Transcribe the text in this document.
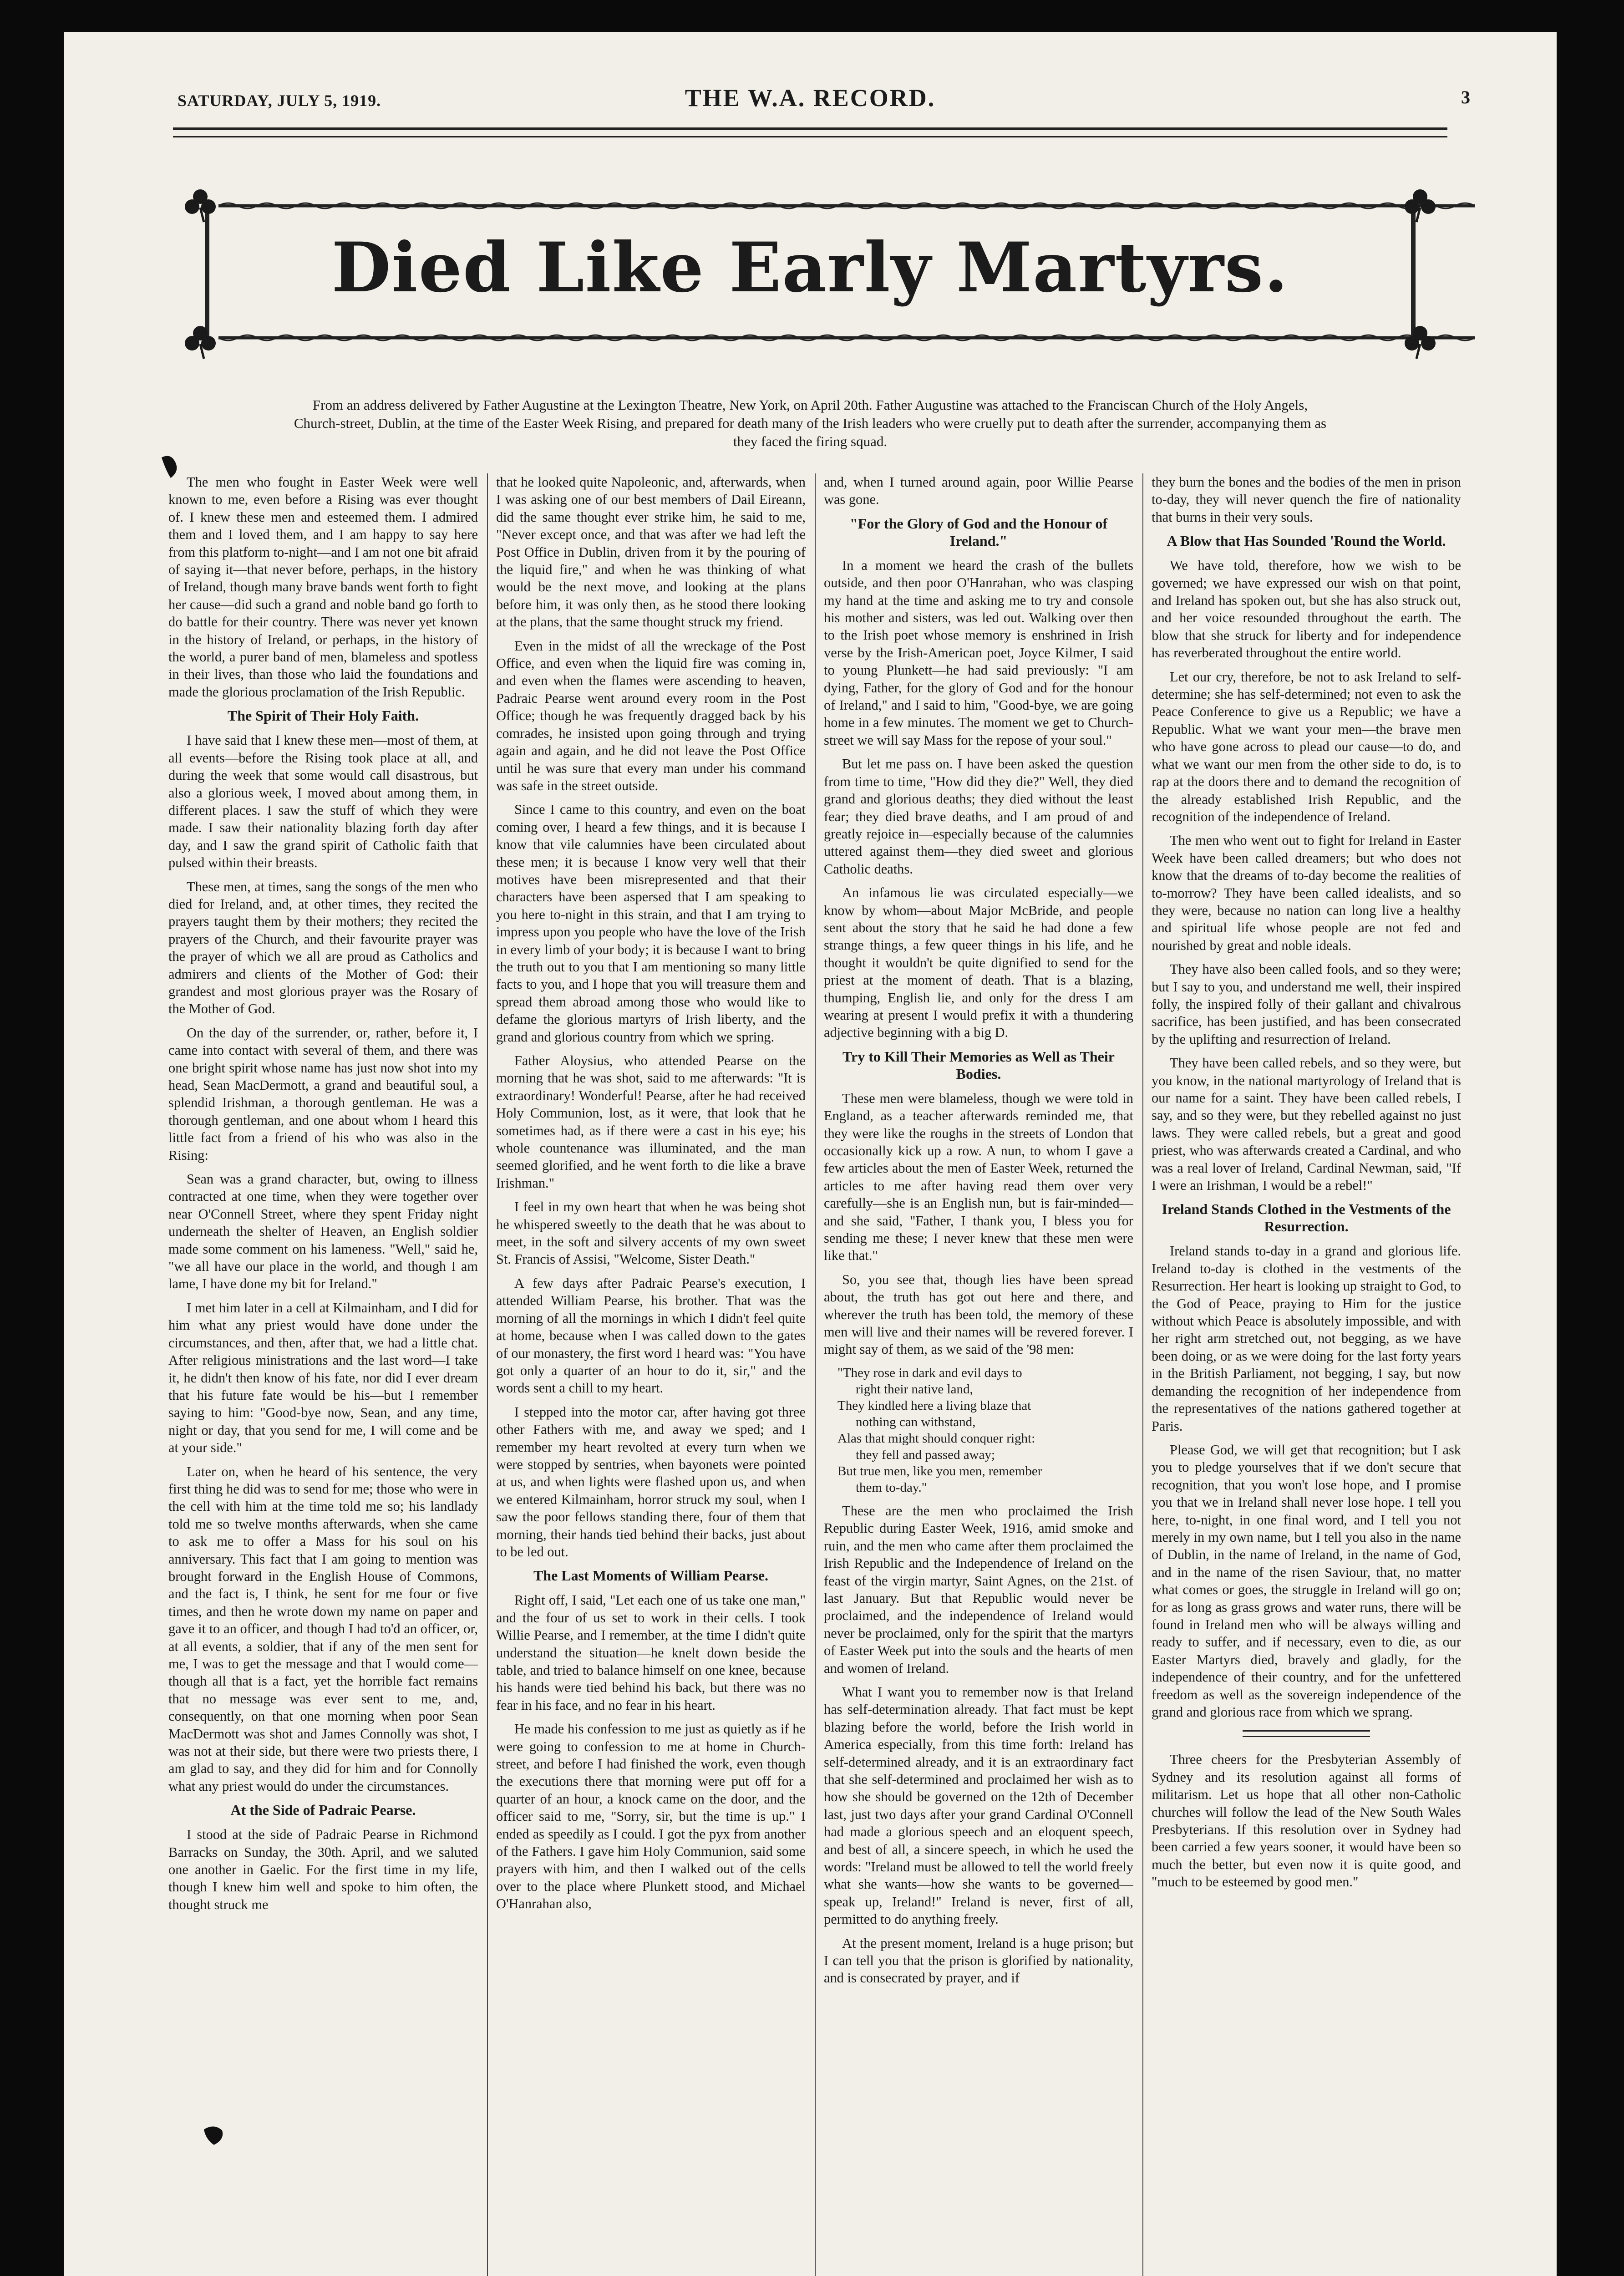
SATURDAY, JULY 5, 1919.	THE W.A. RECORD.	3
Died Like Early Martyrs.
From an address delivered by Father Augustine at the Lexington Theatre, New York, on April 20th. Father Augustine was attached to the Franciscan Church of the Holy Angels, Church-street, Dublin, at the time of the Easter Week Rising, and prepared for death many of the Irish leaders who were cruelly put to death after the surrender, accompanying them as they faced the firing squad.

The men who fought in Easter Week were well known to me, even before a Rising was ever thought of. I knew these men and esteemed them. I admired them and I loved them, and I am happy to say here from this platform to-night—and I am not one bit afraid of saying it—that never before, perhaps, in the history of Ireland, though many brave bands went forth to fight her cause—did such a grand and noble band go forth to do battle for their country. There was never yet known in the history of Ireland, or perhaps, in the history of the world, a purer band of men, blameless and spotless in their lives, than those who laid the foundations and made the glorious proclamation of the Irish Republic.

The Spirit of Their Holy Faith.

I have said that I knew these men—most of them, at all events—before the Rising took place at all, and during the week that some would call disastrous, but also a glorious week, I moved about among them, in different places. I saw the stuff of which they were made. I saw their nationality blazing forth day after day, and I saw the grand spirit of Catholic faith that pulsed within their breasts.

These men, at times, sang the songs of the men who died for Ireland, and, at other times, they recited the prayers taught them by their mothers; they recited the prayers of the Church, and their favourite prayer was the prayer of which we all are proud as Catholics and admirers and clients of the Mother of God: their grandest and most glorious prayer was the Rosary of the Mother of God.

On the day of the surrender, or, rather, before it, I came into contact with several of them, and there was one bright spirit whose name has just now shot into my head, Sean MacDermott, a grand and beautiful soul, a splendid Irishman, a thorough gentleman. He was a thorough gentleman, and one about whom I heard this little fact from a friend of his who was also in the Rising:

Sean was a grand character, but, owing to illness contracted at one time, when they were together over near O'Connell Street, where they spent Friday night underneath the shelter of Heaven, an English soldier made some comment on his lameness. "Well," said he, "we all have our place in the world, and though I am lame, I have done my bit for Ireland."

I met him later in a cell at Kilmainham, and I did for him what any priest would have done under the circumstances, and then, after that, we had a little chat. After religious ministrations and the last word—I take it, he didn't then know of his fate, nor did I ever dream that his future fate would be his—but I remember saying to him: "Good-bye now, Sean, and any time, night or day, that you send for me, I will come and be at your side."

Later on, when he heard of his sentence, the very first thing he did was to send for me; those who were in the cell with him at the time told me so; his landlady told me so twelve months afterwards, when she came to ask me to offer a Mass for his soul on his anniversary. This fact that I am going to mention was brought forward in the English House of Commons, and the fact is, I think, he sent for me four or five times, and then he wrote down my name on paper and gave it to an officer, and though I had to'd an officer, or, at all events, a soldier, that if any of the men sent for me, I was to get the message and that I would come—though all that is a fact, yet the horrible fact remains that no message was ever sent to me, and, consequently, on that one morning when poor Sean MacDermott was shot and James Connolly was shot, I was not at their side, but there were two priests there, I am glad to say, and they did for him and for Connolly what any priest would do under the circumstances.

At the Side of Padraic Pearse.

I stood at the side of Padraic Pearse in Richmond Barracks on Sunday, the 30th. April, and we saluted one another in Gaelic. For the first time in my life, though I knew him well and spoke to him often, the thought struck me

that he looked quite Napoleonic, and, afterwards, when I was asking one of our best members of Dail Eireann, did the same thought ever strike him, he said to me, "Never except once, and that was after we had left the Post Office in Dublin, driven from it by the pouring of the liquid fire," and when he was thinking of what would be the next move, and looking at the plans before him, it was only then, as he stood there looking at the plans, that the same thought struck my friend.

Even in the midst of all the wreckage of the Post Office, and even when the liquid fire was coming in, and even when the flames were ascending to heaven, Padraic Pearse went around every room in the Post Office; though he was frequently dragged back by his comrades, he insisted upon going through and trying again and again, and he did not leave the Post Office until he was sure that every man under his command was safe in the street outside.

Since I came to this country, and even on the boat coming over, I heard a few things, and it is because I know that vile calumnies have been circulated about these men; it is because I know very well that their motives have been misrepresented and that their characters have been aspersed that I am speaking to you here to-night in this strain, and that I am trying to impress upon you people who have the love of the Irish in every limb of your body; it is because I want to bring the truth out to you that I am mentioning so many little facts to you, and I hope that you will treasure them and spread them abroad among those who would like to defame the glorious martyrs of Irish liberty, and the grand and glorious country from which we spring.

Father Aloysius, who attended Pearse on the morning that he was shot, said to me afterwards: "It is extraordinary! Wonderful! Pearse, after he had received Holy Communion, lost, as it were, that look that he sometimes had, as if there were a cast in his eye; his whole countenance was illuminated, and the man seemed glorified, and he went forth to die like a brave Irishman."

I feel in my own heart that when he was being shot he whispered sweetly to the death that he was about to meet, in the soft and silvery accents of my own sweet St. Francis of Assisi, "Welcome, Sister Death."

A few days after Padraic Pearse's execution, I attended William Pearse, his brother. That was the morning of all the mornings in which I didn't feel quite at home, because when I was called down to the gates of our monastery, the first word I heard was: "You have got only a quarter of an hour to do it, sir," and the words sent a chill to my heart.

I stepped into the motor car, after having got three other Fathers with me, and away we sped; and I remember my heart revolted at every turn when we were stopped by sentries, when bayonets were pointed at us, and when lights were flashed upon us, and when we entered Kilmainham, horror struck my soul, when I saw the poor fellows standing there, four of them that morning, their hands tied behind their backs, just about to be led out.

The Last Moments of William Pearse.

Right off, I said, "Let each one of us take one man," and the four of us set to work in their cells. I took Willie Pearse, and I remember, at the time I didn't quite understand the situation—he knelt down beside the table, and tried to balance himself on one knee, because his hands were tied behind his back, but there was no fear in his face, and no fear in his heart.

He made his confession to me just as quietly as if he were going to confession to me at home in Church-street, and before I had finished the work, even though the executions there that morning were put off for a quarter of an hour, a knock came on the door, and the officer said to me, "Sorry, sir, but the time is up." I ended as speedily as I could. I got the pyx from another of the Fathers. I gave him Holy Communion, said some prayers with him, and then I walked out of the cells over to the place where Plunkett stood, and Michael O'Hanrahan also,

and, when I turned around again, poor Willie Pearse was gone.

"For the Glory of God and the Honour of Ireland."

In a moment we heard the crash of the bullets outside, and then poor O'Hanrahan, who was clasping my hand at the time and asking me to try and console his mother and sisters, was led out. Walking over then to the Irish poet whose memory is enshrined in Irish verse by the Irish-American poet, Joyce Kilmer, I said to young Plunkett—he had said previously: "I am dying, Father, for the glory of God and for the honour of Ireland," and I said to him, "Good-bye, we are going home in a few minutes. The moment we get to Church-street we will say Mass for the repose of your soul."

But let me pass on. I have been asked the question from time to time, "How did they die?" Well, they died grand and glorious deaths; they died without the least fear; they died brave deaths, and I am proud of and greatly rejoice in—especially because of the calumnies uttered against them—they died sweet and glorious Catholic deaths.

An infamous lie was circulated especially—we know by whom—about Major McBride, and people sent about the story that he said he had done a few strange things, a few queer things in his life, and he thought it wouldn't be quite dignified to send for the priest at the moment of death. That is a blazing, thumping, English lie, and only for the dress I am wearing at present I would prefix it with a thundering adjective beginning with a big D.

Try to Kill Their Memories as Well as Their Bodies.

These men were blameless, though we were told in England, as a teacher afterwards reminded me, that they were like the roughs in the streets of London that occasionally kick up a row. A nun, to whom I gave a few articles about the men of Easter Week, returned the articles to me after having read them over very carefully—she is an English nun, but is fair-minded—and she said, "Father, I thank you, I bless you for sending me these; I never knew that these men were like that."

So, you see that, though lies have been spread about, the truth has got out here and there, and wherever the truth has been told, the memory of these men will live and their names will be revered forever. I might say of them, as we said of the '98 men:

"They rose in dark and evil days to
right their native land,
They kindled here a living blaze that
nothing can withstand,
Alas that might should conquer right:
they fell and passed away;
But true men, like you men, remember
them to-day."

These are the men who proclaimed the Irish Republic during Easter Week, 1916, amid smoke and ruin, and the men who came after them proclaimed the Irish Republic and the Independence of Ireland on the feast of the virgin martyr, Saint Agnes, on the 21st. of last January. But that Republic would never be proclaimed, and the independence of Ireland would never be proclaimed, only for the spirit that the martyrs of Easter Week put into the souls and the hearts of men and women of Ireland.

What I want you to remember now is that Ireland has self-determination already. That fact must be kept blazing before the world, before the Irish world in America especially, from this time forth: Ireland has self-determined already, and it is an extraordinary fact that she self-determined and proclaimed her wish as to how she should be governed on the 12th of December last, just two days after your grand Cardinal O'Connell had made a glorious speech and an eloquent speech, and best of all, a sincere speech, in which he used the words: "Ireland must be allowed to tell the world freely what she wants—how she wants to be governed—speak up, Ireland!" Ireland is never, first of all, permitted to do anything freely.

At the present moment, Ireland is a huge prison; but I can tell you that the prison is glorified by nationality, and is consecrated by prayer, and if

they burn the bones and the bodies of the men in prison to-day, they will never quench the fire of nationality that burns in their very souls.

A Blow that Has Sounded 'Round the World.

We have told, therefore, how we wish to be governed; we have expressed our wish on that point, and Ireland has spoken out, but she has also struck out, and her voice resounded throughout the earth. The blow that she struck for liberty and for independence has reverberated throughout the entire world.

Let our cry, therefore, be not to ask Ireland to self-determine; she has self-determined; not even to ask the Peace Conference to give us a Republic; we have a Republic. What we want your men—the brave men who have gone across to plead our cause—to do, and what we want our men from the other side to do, is to rap at the doors there and to demand the recognition of the already established Irish Republic, and the recognition of the independence of Ireland.

The men who went out to fight for Ireland in Easter Week have been called dreamers; but who does not know that the dreams of to-day become the realities of to-morrow? They have been called idealists, and so they were, because no nation can long live a healthy and spiritual life whose people are not fed and nourished by great and noble ideals.

They have also been called fools, and so they were; but I say to you, and understand me well, their inspired folly, the inspired folly of their gallant and chivalrous sacrifice, has been justified, and has been consecrated by the uplifting and resurrection of Ireland.

They have been called rebels, and so they were, but you know, in the national martyrology of Ireland that is our name for a saint. They have been called rebels, I say, and so they were, but they rebelled against no just laws. They were called rebels, but a great and good priest, who was afterwards created a Cardinal, and who was a real lover of Ireland, Cardinal Newman, said, "If I were an Irishman, I would be a rebel!"

Ireland Stands Clothed in the Vestments of the Resurrection.

Ireland stands to-day in a grand and glorious life. Ireland to-day is clothed in the vestments of the Resurrection. Her heart is looking up straight to God, to the God of Peace, praying to Him for the justice without which Peace is absolutely impossible, and with her right arm stretched out, not begging, as we have been doing, or as we were doing for the last forty years in the British Parliament, not begging, I say, but now demanding the recognition of her independence from the representatives of the nations gathered together at Paris.

Please God, we will get that recognition; but I ask you to pledge yourselves that if we don't secure that recognition, that you won't lose hope, and I promise you that we in Ireland shall never lose hope. I tell you here, to-night, in one final word, and I tell you not merely in my own name, but I tell you also in the name of Dublin, in the name of Ireland, in the name of God, and in the name of the risen Saviour, that, no matter what comes or goes, the struggle in Ireland will go on; for as long as grass grows and water runs, there will be found in Ireland men who will be always willing and ready to suffer, and if necessary, even to die, as our Easter Martyrs died, bravely and gladly, for the independence of their country, and for the unfettered freedom as well as the sovereign independence of the grand and glorious race from which we sprang.

Three cheers for the Presbyterian Assembly of Sydney and its resolution against all forms of militarism. Let us hope that all other non-Catholic churches will follow the lead of the New South Wales Presbyterians. If this resolution over in Sydney had been carried a few years sooner, it would have been so much the better, but even now it is quite good, and "much to be esteemed by good men."
